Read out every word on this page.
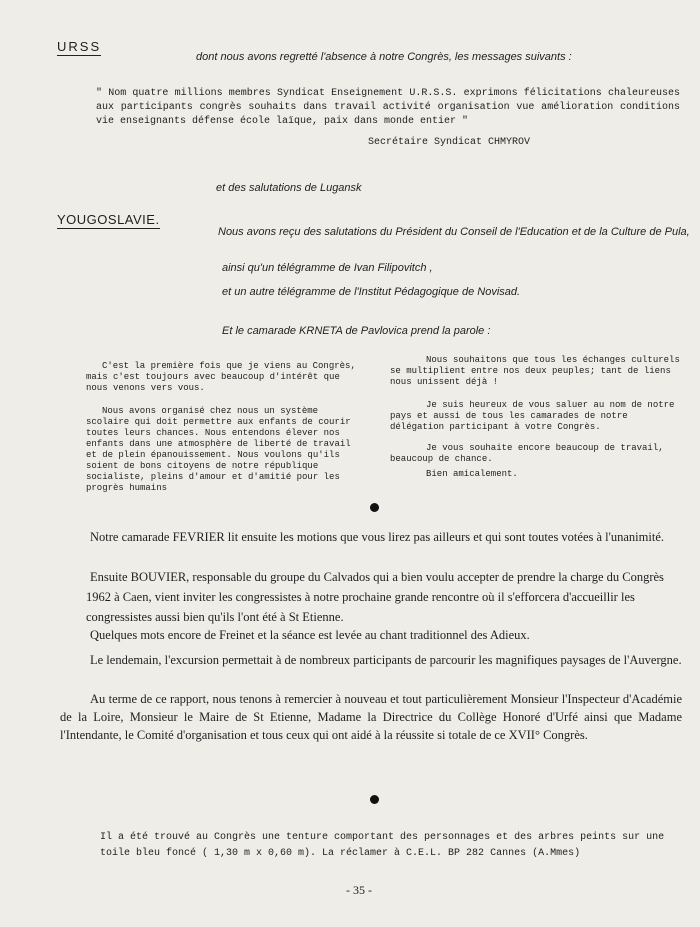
URSS
dont nous avons regretté l'absence à notre Congrès, les messages suivants :
" Nom quatre millions membres Syndicat Enseignement U.R.S.S. exprimons félicitations chaleureuses aux participants congrès souhaits dans travail activité organisation vue amélioration conditions vie enseignants défense école laïque, paix dans monde entier "
Secrétaire Syndicat CHMYROV
et des salutations de Lugansk
YOUGOSLAVIE.
Nous avons reçu des salutations du Président du Conseil de l'Education et de la Culture de Pula,
ainsi qu'un télégramme de Ivan Filipovitch ,
et un autre télégramme de l'Institut Pédagogique de Novisad.
Et le camarade KRNETA de Pavlovica prend la parole :

C'est la première fois que je viens au Congrès, mais c'est toujours avec beaucoup d'intérêt que nous venons vers vous.

Nous avons organisé chez nous un système scolaire qui doit permettre aux enfants de courir toutes leurs chances. Nous entendons élever nos enfants dans une atmosphère de liberté de travail et de plein épanouissement. Nous voulons qu'ils soient de bons citoyens de notre république socialiste, pleins d'amour et d'amitié pour les progrès humains

Nous souhaitons que tous les échanges culturels se multiplient entre nos deux peuples; tant de liens nous unissent déjà !

Je suis heureux de vous saluer au nom de notre pays et aussi de tous les camarades de notre délégation participant à votre Congrès.

Je vous souhaite encore beaucoup de travail, beaucoup de chance.

Bien amicalement.

Notre camarade FEVRIER lit ensuite les motions que vous lirez pas ailleurs et qui sont toutes votées à l'unanimité.
Ensuite BOUVIER, responsable du groupe du Calvados qui a bien voulu accepter de prendre la charge du Congrès 1962 à Caen, vient inviter les congressistes à notre prochaine grande rencontre où il s'efforcera d'accueillir les congressistes aussi bien qu'ils l'ont été à St Etienne.
Quelques mots encore de Freinet et la séance est levée au chant traditionnel des Adieux.
Le lendemain, l'excursion permettait à de nombreux participants de parcourir les magnifiques paysages de l'Auvergne.
Au terme de ce rapport, nous tenons à remercier à nouveau et tout particulièrement Monsieur l'Inspecteur d'Académie de la Loire, Monsieur le Maire de St Etienne, Madame la Directrice du Collège Honoré d'Urfé ainsi que Madame l'Intendante, le Comité d'organisation et tous ceux qui ont aidé à la réussite si totale de ce XVII° Congrès.
Il a été trouvé au Congrès une tenture comportant des personnages et des arbres peints sur une toile bleu foncé ( 1,30 m x 0,60 m). La réclamer à C.E.L. BP 282 Cannes (A.Mmes)
- 35 -
